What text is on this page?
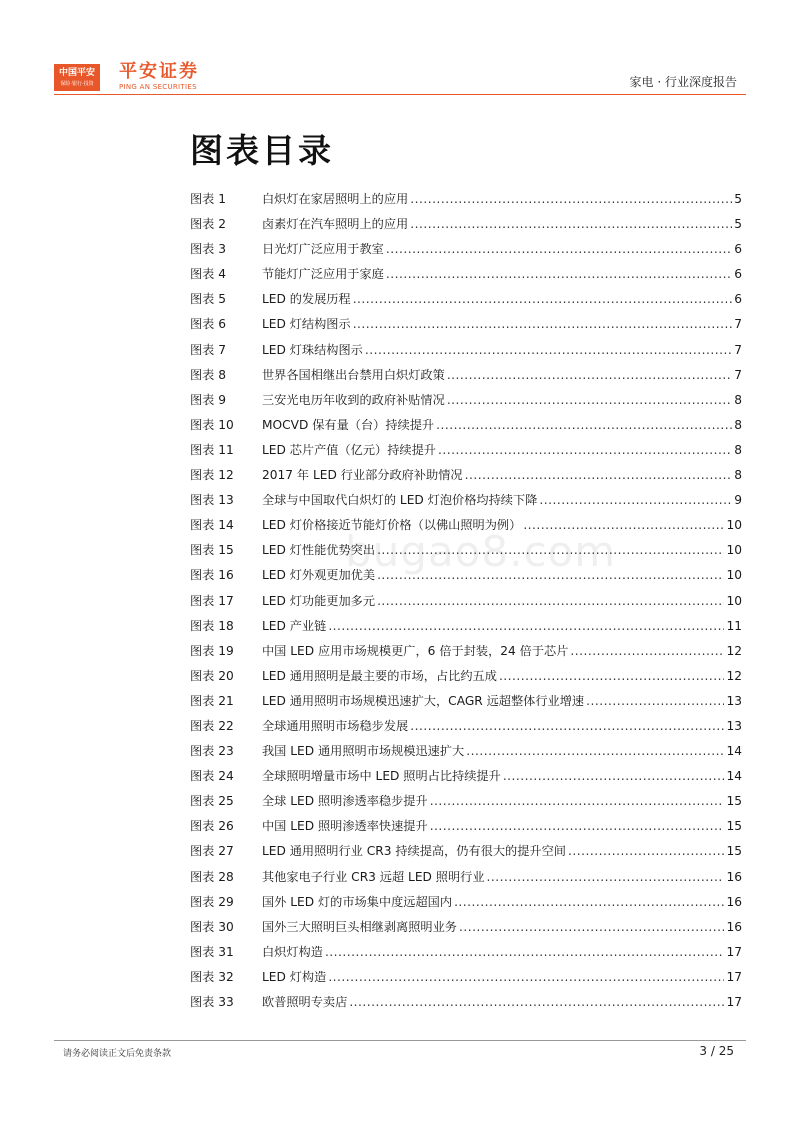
中国平安
保险·银行·投资
平安证券
PING AN SECURITIES	家电 · 行业深度报告
图表目录
bugao8.com
图表 1	白炽灯在家居照明上的应用 .....	5
图表 2	卤素灯在汽车照明上的应用 .....	5
图表 3	日光灯广泛应用于教室 .....	6
图表 4	节能灯广泛应用于家庭 .....	6
图表 5	LED 的发展历程 .....	6
图表 6	LED 灯结构图示 .....	7
图表 7	LED 灯珠结构图示 .....	7
图表 8	世界各国相继出台禁用白炽灯政策 .....	7
图表 9	三安光电历年收到的政府补贴情况 .....	8
图表 10	MOCVD 保有量（台）持续提升 .....	8
图表 11	LED 芯片产值（亿元）持续提升 .....	8
图表 12	2017 年 LED 行业部分政府补助情况 .....	8
图表 13	全球与中国取代白炽灯的 LED 灯泡价格均持续下降 .....	9
图表 14	LED 灯价格接近节能灯价格（以佛山照明为例） .....	10
图表 15	LED 灯性能优势突出 .....	10
图表 16	LED 灯外观更加优美 .....	10
图表 17	LED 灯功能更加多元 .....	10
图表 18	LED 产业链 .....	11
图表 19	中国 LED 应用市场规模更广，6 倍于封装，24 倍于芯片 .....	12
图表 20	LED 通用照明是最主要的市场，占比约五成 .....	12
图表 21	LED 通用照明市场规模迅速扩大，CAGR 远超整体行业增速 .....	13
图表 22	全球通用照明市场稳步发展 .....	13
图表 23	我国 LED 通用照明市场规模迅速扩大 .....	14
图表 24	全球照明增量市场中 LED 照明占比持续提升 .....	14
图表 25	全球 LED 照明渗透率稳步提升 .....	15
图表 26	中国 LED 照明渗透率快速提升 .....	15
图表 27	LED 通用照明行业 CR3 持续提高，仍有很大的提升空间 .....	15
图表 28	其他家电子行业 CR3 远超 LED 照明行业 .....	16
图表 29	国外 LED 灯的市场集中度远超国内 .....	16
图表 30	国外三大照明巨头相继剥离照明业务 .....	16
图表 31	白炽灯构造 .....	17
图表 32	LED 灯构造 .....	17
图表 33	欧普照明专卖店 .....	17
请务必阅读正文后免责条款	3 / 25
